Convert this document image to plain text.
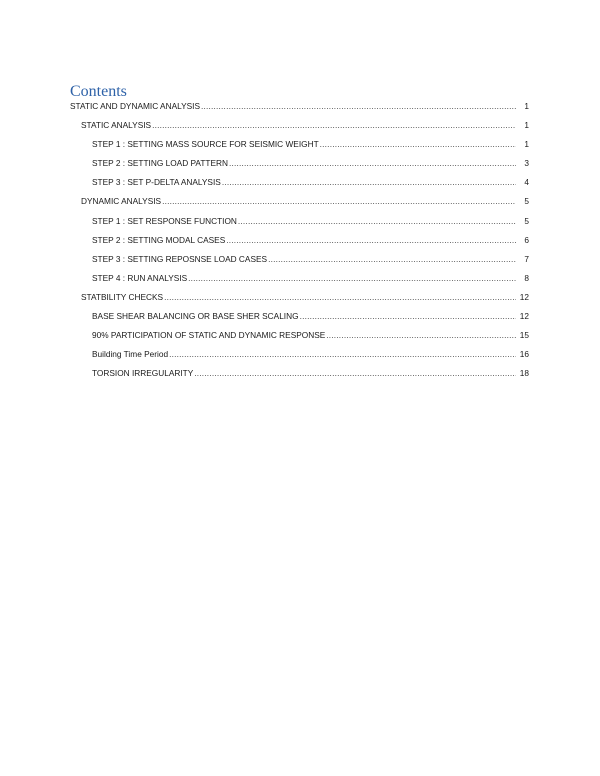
Contents
STATIC AND DYNAMIC ANALYSIS .....	1
STATIC ANALYSIS .....	1
STEP 1 : SETTING MASS SOURCE FOR SEISMIC WEIGHT .....	1
STEP 2 : SETTING LOAD PATTERN .....	3
STEP 3 : SET P-DELTA ANALYSIS .....	4
DYNAMIC ANALYSIS .....	5
STEP 1 : SET RESPONSE FUNCTION .....	5
STEP 2 : SETTING MODAL CASES .....	6
STEP 3 : SETTING REPOSNSE LOAD CASES .....	7
STEP 4 : RUN ANALYSIS .....	8
STATBILITY CHECKS .....	12
BASE SHEAR BALANCING OR BASE SHER SCALING .....	12
90% PARTICIPATION OF STATIC AND DYNAMIC RESPONSE .....	15
Building Time Period .....	16
TORSION IRREGULARITY .....	18
